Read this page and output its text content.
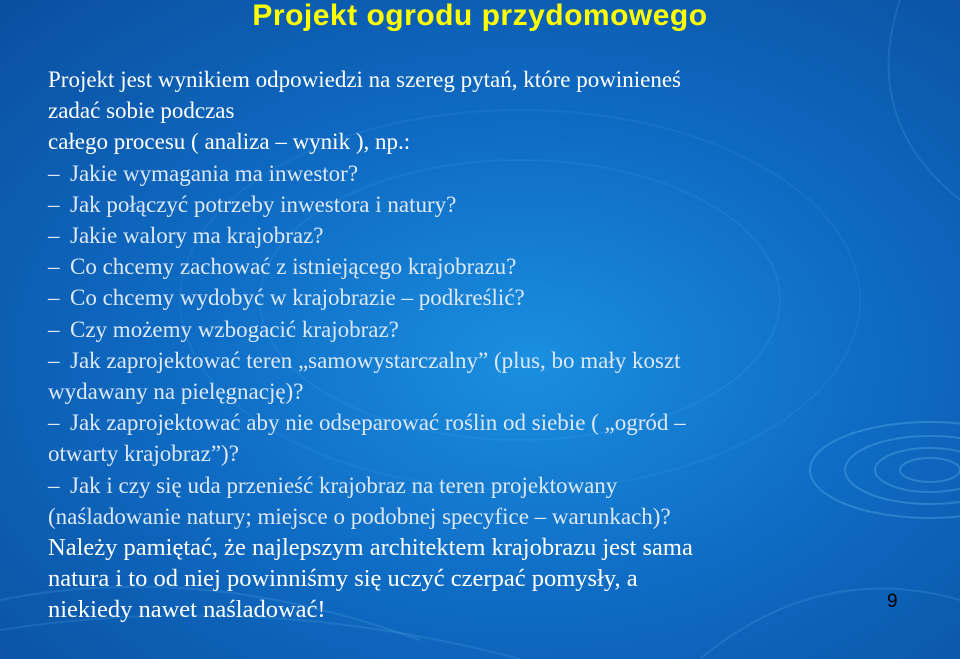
Projekt ogrodu przydomowego
Projekt jest wynikiem odpowiedzi na szereg pytań, które powinieneś
zadać sobie podczas
całego procesu ( analiza – wynik ), np.:
– Jakie wymagania ma inwestor?
– Jak połączyć potrzeby inwestora i natury?
– Jakie walory ma krajobraz?
– Co chcemy zachować z istniejącego krajobrazu?
– Co chcemy wydobyć w krajobrazie – podkreślić?
– Czy możemy wzbogacić krajobraz?
– Jak zaprojektować teren „samowystarczalny” (plus, bo mały koszt
wydawany na pielęgnację)?
– Jak zaprojektować aby nie odseparować roślin od siebie ( „ogród –
otwarty krajobraz”)?
– Jak i czy się uda przenieść krajobraz na teren projektowany
(naśladowanie natury; miejsce o podobnej specyfice – warunkach)?
Należy pamiętać, że najlepszym architektem krajobrazu jest sama
natura i to od niej powinniśmy się uczyć czerpać pomysły, a
niekiedy nawet naśladować!	9
